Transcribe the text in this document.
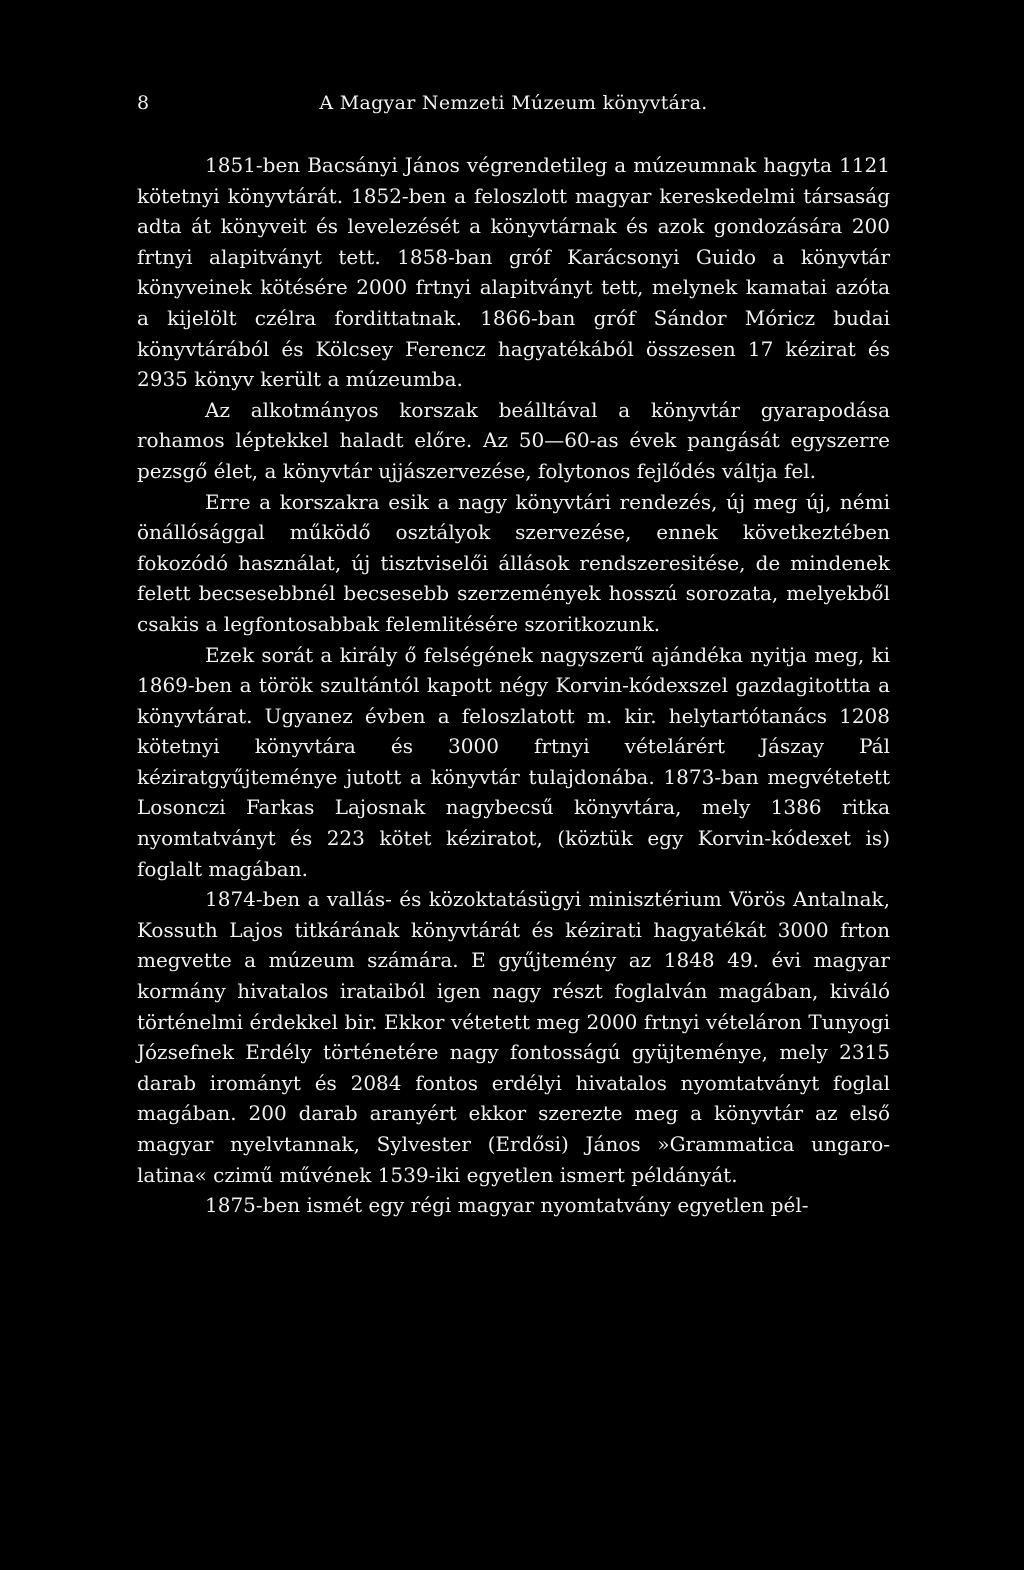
8	A Magyar Nemzeti Múzeum könyvtára.

1851-ben Bacsányi János végrendetileg a múzeumnak hagyta 1121 kötetnyi könyvtárát. 1852-ben a feloszlott magyar kereskedelmi társaság adta át könyveit és levelezését a könyvtárnak és azok gondozására 200 frtnyi alapitványt tett. 1858-ban gróf Karácsonyi Guido a könyvtár könyveinek kötésére 2000 frtnyi alapitványt tett, melynek kamatai azóta a kijelölt czélra fordittatnak. 1866-ban gróf Sándor Móricz budai könyvtárából és Kölcsey Ferencz hagyatékából összesen 17 kézirat és 2935 könyv került a múzeumba.

Az alkotmányos korszak beálltával a könyvtár gyarapodása rohamos léptekkel haladt előre. Az 50—60-as évek pangását egyszerre pezsgő élet, a könyvtár ujjászervezése, folytonos fejlődés váltja fel.

Erre a korszakra esik a nagy könyvtári rendezés, új meg új, némi önállósággal működő osztályok szervezése, ennek következtében fokozódó használat, új tisztviselői állások rendszeresitése, de mindenek felett becsesebbnél becsesebb szerzemények hosszú sorozata, melyekből csakis a legfontosabbak felemlitésére szoritkozunk.

Ezek sorát a király ő felségének nagyszerű ajándéka nyitja meg, ki 1869-ben a török szultántól kapott négy Korvin-kódexszel gazdagitottta a könyvtárat. Ugyanez évben a feloszlatott m. kir. helytartótanács 1208 kötetnyi könyvtára és 3000 frtnyi vételárért Jászay Pál kéziratgyűjteménye jutott a könyvtár tulajdonába. 1873-ban megvétetett Losonczi Farkas Lajosnak nagybecsű könyvtára, mely 1386 ritka nyomtatványt és 223 kötet kéziratot, (köztük egy Korvin-kódexet is) foglalt magában.

1874-ben a vallás- és közoktatásügyi minisztérium Vörös Antalnak, Kossuth Lajos titkárának könyvtárát és kézirati hagyatékát 3000 frton megvette a múzeum számára. E gyűjtemény az 1848 49. évi magyar kormány hivatalos irataiból igen nagy részt foglalván magában, kiváló történelmi érdekkel bir. Ekkor vétetett meg 2000 frtnyi vételáron Tunyogi Józsefnek Erdély történetére nagy fontosságú gyüjteménye, mely 2315 darab irományt és 2084 fontos erdélyi hivatalos nyomtatványt foglal magában. 200 darab aranyért ekkor szerezte meg a könyvtár az első magyar nyelvtannak, Sylvester (Erdősi) János »Grammatica ungaro-latina« czimű művének 1539-iki egyetlen ismert példányát.

1875-ben ismét egy régi magyar nyomtatvány egyetlen pél-
